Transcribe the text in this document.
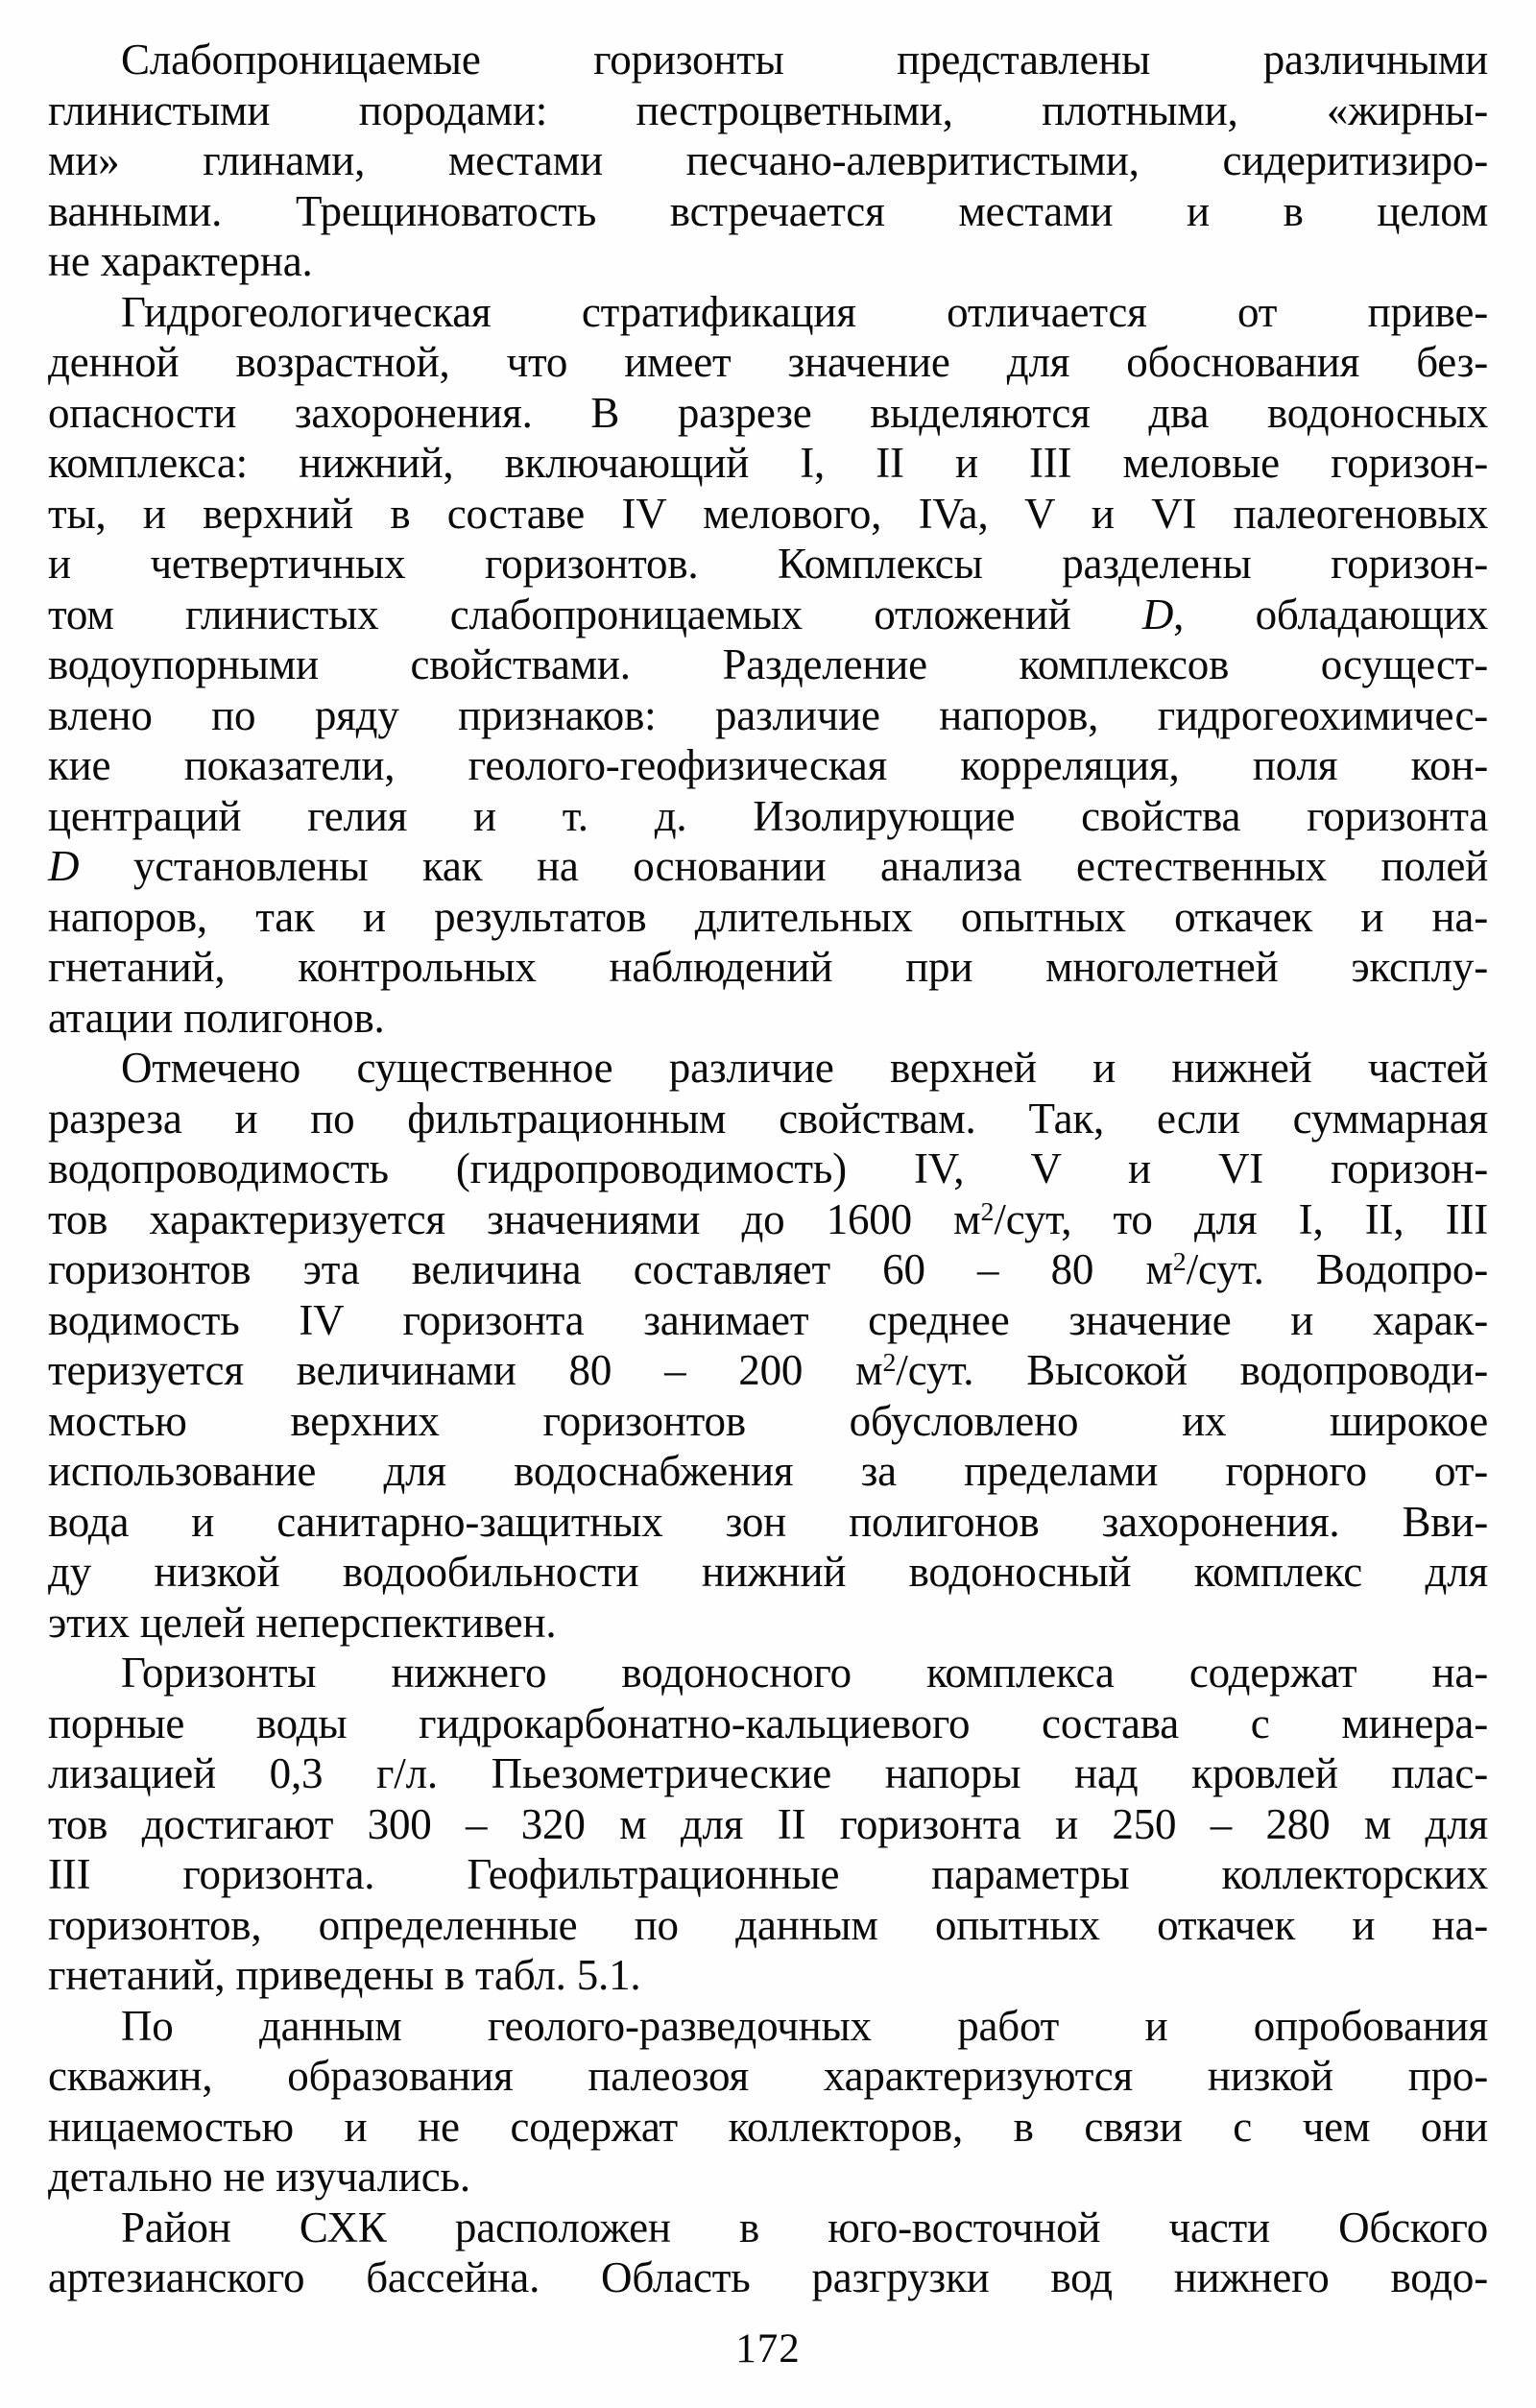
Слабопроницаемые горизонты представлены различными
глинистыми породами: пестроцветными, плотными, «жирны-
ми» глинами, местами песчано-алевритистыми, сидеритизиро-
ванными. Трещиноватость встречается местами и в целом
не характерна.
Гидрогеологическая стратификация отличается от приве-
денной возрастной, что имеет значение для обоснования без-
опасности захоронения. В разрезе выделяются два водоносных
комплекса: нижний, включающий I, II и III меловые горизон-
ты, и верхний в составе IV мелового, IVa, V и VI палеогеновых
и четвертичных горизонтов. Комплексы разделены горизон-
том глинистых слабопроницаемых отложений D, обладающих
водоупорными свойствами. Разделение комплексов осущест-
влено по ряду признаков: различие напоров, гидрогеохимичес-
кие показатели, геолого-геофизическая корреляция, поля кон-
центраций гелия и т. д. Изолирующие свойства горизонта
D установлены как на основании анализа естественных полей
напоров, так и результатов длительных опытных откачек и на-
гнетаний, контрольных наблюдений при многолетней эксплу-
атации полигонов.
Отмечено существенное различие верхней и нижней частей
разреза и по фильтрационным свойствам. Так, если суммарная
водопроводимость (гидропроводимость) IV, V и VI горизон-
тов характеризуется значениями до 1600 $м^2$/сут, то для I, II, III
горизонтов эта величина составляет 60 – 80 $м^2$/сут. Водопро-
водимость IV горизонта занимает среднее значение и харак-
теризуется величинами 80 – 200 $м^2$/сут. Высокой водопроводи-
мостью верхних горизонтов обусловлено их широкое
использование для водоснабжения за пределами горного от-
вода и санитарно-защитных зон полигонов захоронения. Вви-
ду низкой водообильности нижний водоносный комплекс для
этих целей неперспективен.
Горизонты нижнего водоносного комплекса содержат на-
порные воды гидрокарбонатно-кальциевого состава с минера-
лизацией 0,3 г/л. Пьезометрические напоры над кровлей плас-
тов достигают 300 – 320 м для II горизонта и 250 – 280 м для
III горизонта. Геофильтрационные параметры коллекторских
горизонтов, определенные по данным опытных откачек и на-
гнетаний, приведены в табл. 5.1.
По данным геолого-разведочных работ и опробования
скважин, образования палеозоя характеризуются низкой про-
ницаемостью и не содержат коллекторов, в связи с чем они
детально не изучались.
Район СХК расположен в юго-восточной части Обского
артезианского бассейна. Область разгрузки вод нижнего водо-
172
